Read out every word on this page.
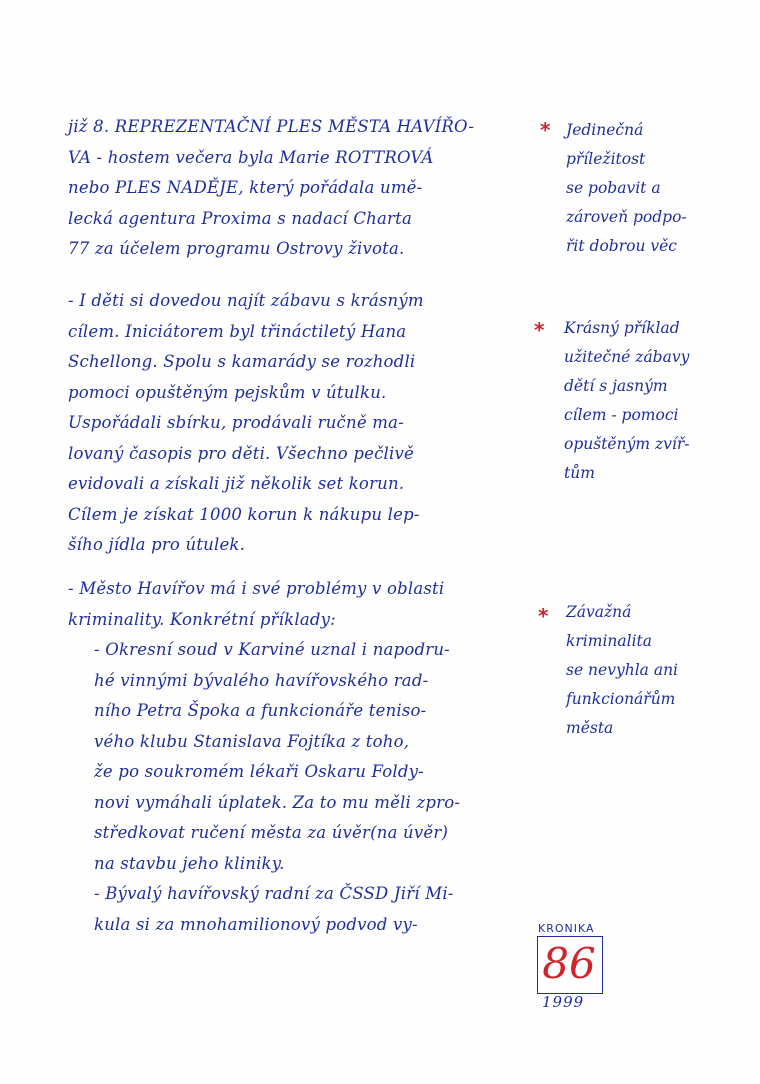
již 8. REPREZENTAČNÍ PLES MĚSTA HAVÍŘO-
VA - hostem večera byla Marie ROTTROVÁ
nebo PLES NADĚJE, který pořádala umě-
lecká agentura Proxima s nadací Charta
77 za účelem programu Ostrovy života.
- I děti si dovedou najít zábavu s krásným
cílem. Iniciátorem byl třináctiletý Hana
Schellong. Spolu s kamarády se rozhodli
pomoci opuštěným pejskům v útulku.
Uspořádali sbírku, prodávali ručně ma-
lovaný časopis pro děti. Všechno pečlivě
evidovali a získali již několik set korun.
Cílem je získat 1000 korun k nákupu lep-
šího jídla pro útulek.
- Město Havířov má i své problémy v oblasti
kriminality. Konkrétní příklady:
- Okresní soud v Karviné uznal i napodru-
hé vinnými bývalého havířovského rad-
ního Petra Špoka a funkcionáře teniso-
vého klubu Stanislava Fojtíka z toho,
že po soukromém lékaři Oskaru Foldy-
novi vymáhali úplatek. Za to mu měli zpro-
středkovat ručení města za úvěr(na úvěr)
na stavbu jeho kliniky.
- Bývalý havířovský radní za ČSSD Jiří Mi-
kula si za mnohamilionový podvod vy-
* Jedinečná
příležitost
se pobavit a
zároveň podpo-
řit dobrou věc
* Krásný příklad
užitečné zábavy
dětí s jasným
cílem - pomoci
opuštěným zvíř-
tům
* Závažná
kriminalita
se nevyhla ani
funkcionářům
města
KRONIKA
86
1999
